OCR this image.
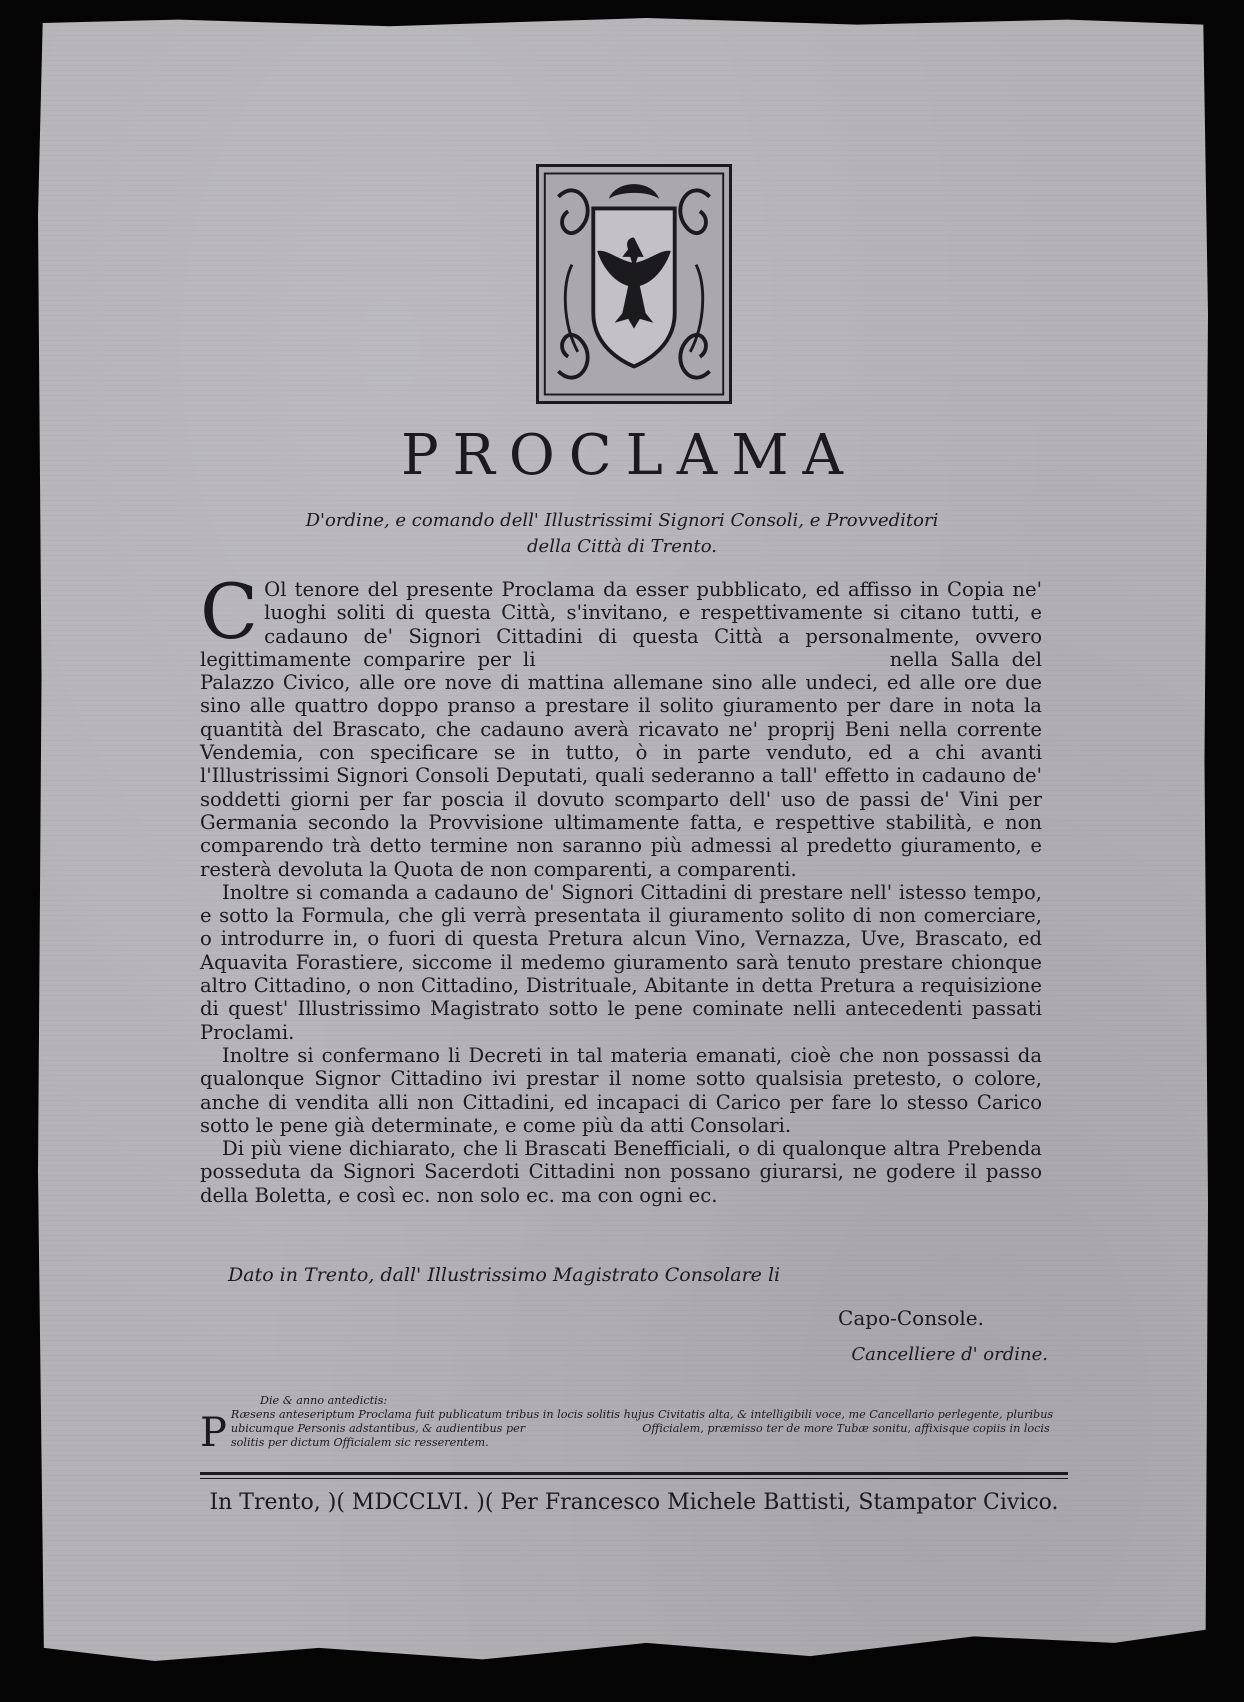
PROCLAMA

D'ordine, e comando dell' Illustrissimi Signori Consoli, e Provveditori

della Città di Trento.

C Ol tenore del presente Proclama da esser pubblicato, ed affisso in Copia ne' luoghi soliti di questa Città, s'invitano, e respettivamente si citano tutti, e cadauno de' Signori Cittadini di questa Città a personalmente, ovvero legittimamente comparire per li	nella Salla del Palazzo Civico, alle ore nove di mattina allemane sino alle undeci, ed alle ore due sino alle quattro doppo pranso a prestare il solito giuramento per dare in nota la quantità del Brascato, che cadauno averà ricavato ne' proprij Beni nella corrente Vendemia, con specificare se in tutto, ò in parte venduto, ed a chi avanti l'Illustrissimi Signori Consoli Deputati, quali sederanno a tall' effetto in cadauno de' soddetti giorni per far poscia il dovuto scomparto dell' uso de passi de' Vini per Germania secondo la Provvisione ultimamente fatta, e respettive stabilità, e non comparendo trà detto termine non saranno più admessi al predetto giuramento, e resterà devoluta la Quota de non comparenti, a comparenti.

Inoltre si comanda a cadauno de' Signori Cittadini di prestare nell' istesso tempo, e sotto la Formula, che gli verrà presentata il giuramento solito di non comerciare, o introdurre in, o fuori di questa Pretura alcun Vino, Vernazza, Uve, Brascato, ed Aquavita Forastiere, siccome il medemo giuramento sarà tenuto prestare chionque altro Cittadino, o non Cittadino, Distrituale, Abitante in detta Pretura a requisizione di quest' Illustrissimo Magistrato sotto le pene cominate nelli antecedenti passati Proclami.

Inoltre si confermano li Decreti in tal materia emanati, cioè che non possassi da qualonque Signor Cittadino ivi prestar il nome sotto qualsisia pretesto, o colore, anche di vendita alli non Cittadini, ed incapaci di Carico per fare lo stesso Carico sotto le pene già determinate, e come più da atti Consolari.

Di più viene dichiarato, che li Brascati Benefficiali, o di qualonque altra Prebenda posseduta da Signori Sacerdoti Cittadini non possano giurarsi, ne godere il passo della Boletta, e così ec. non solo ec. ma con ogni ec.

Dato in Trento, dall' Illustrissimo Magistrato Consolare li
Capo-Console.
Cancelliere d' ordine.
Die & anno antedictis:
P Ræsens anteseriptum Proclama fuit publicatum tribus in locis solitis hujus Civitatis alta, & intelligibili voce, me Cancellario perlegente, pluribus ubicumque Personis adstantibus, & audientibus per	Officialem, præmisso ter de more Tubæ sonitu, affixisque copiis in locis solitis per dictum Officialem sic resserentem.
In Trento, )( MDCCLVI. )( Per Francesco Michele Battisti, Stampator Civico.
